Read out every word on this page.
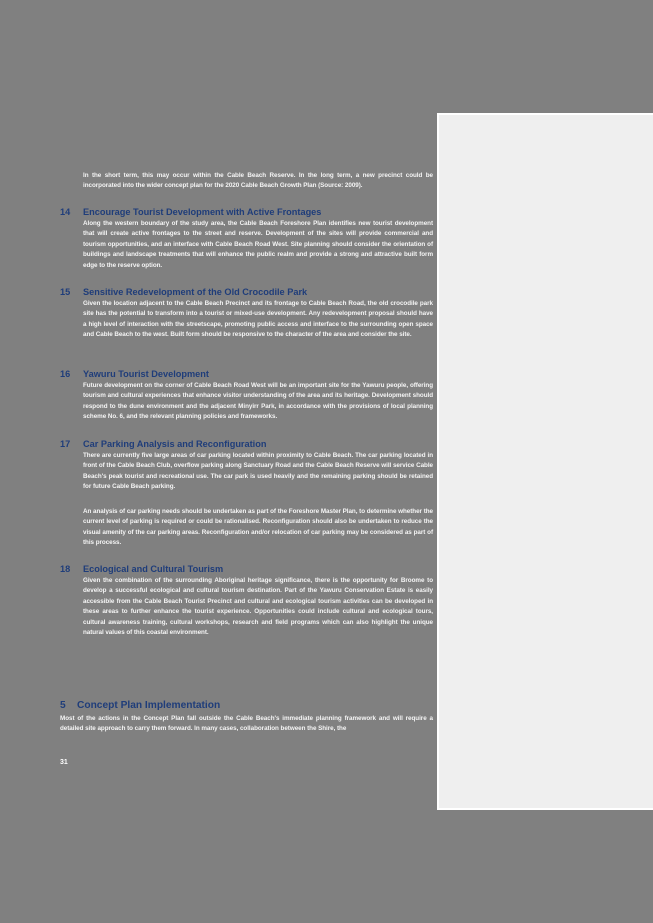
In the short term, this may occur within the Cable Beach Reserve. In the long term, a new precinct could be incorporated into the wider concept plan for the 2020 Cable Beach Growth Plan (Source: 2009).
14 Encourage Tourist Development with Active Frontages
Along the western boundary of the study area, the Cable Beach Foreshore Plan identifies new tourist development that will create active frontages to the street and reserve. Development of the sites will provide commercial and tourism opportunities, and an interface with Cable Beach Road West. Site planning should consider the orientation of buildings and landscape treatments that will enhance the public realm and provide a strong and attractive built form edge to the reserve option.
15 Sensitive Redevelopment of the Old Crocodile Park
Given the location adjacent to the Cable Beach Precinct and its frontage to Cable Beach Road, the old crocodile park site has the potential to transform into a tourist or mixed-use development. Any redevelopment proposal should have a high level of interaction with the streetscape, promoting public access and interface to the surrounding open space and Cable Beach to the west. Built form should be responsive to the character of the area and consider the site.
16 Yawuru Tourist Development
Future development on the corner of Cable Beach Road West will be an important site for the Yawuru people, offering tourism and cultural experiences that enhance visitor understanding of the area and its heritage. Development should respond to the dune environment and the adjacent Minyirr Park, in accordance with the provisions of local planning scheme No. 6, and the relevant planning policies and frameworks.
17 Car Parking Analysis and Reconfiguration
There are currently five large areas of car parking located within proximity to Cable Beach. The car parking located in front of the Cable Beach Club, overflow parking along Sanctuary Road and the Cable Beach Reserve will service Cable Beach's peak tourist and recreational use. The car park is used heavily and the remaining parking should be retained for future Cable Beach parking.
An analysis of car parking needs should be undertaken as part of the Foreshore Master Plan, to determine whether the current level of parking is required or could be rationalised. Reconfiguration should also be undertaken to reduce the visual amenity of the car parking areas. Reconfiguration and/or relocation of car parking may be considered as part of this process.
18 Ecological and Cultural Tourism
Given the combination of the surrounding Aboriginal heritage significance, there is the opportunity for Broome to develop a successful ecological and cultural tourism destination. Part of the Yawuru Conservation Estate is easily accessible from the Cable Beach Tourist Precinct and cultural and ecological tourism activities can be developed in these areas to further enhance the tourist experience. Opportunities could include cultural and ecological tours, cultural awareness training, cultural workshops, research and field programs which can also highlight the unique natural values of this coastal environment.
5 Concept Plan Implementation
Most of the actions in the Concept Plan fall outside the Cable Beach's immediate planning framework and will require a detailed site approach to carry them forward. In many cases, collaboration between the Shire, the
31
